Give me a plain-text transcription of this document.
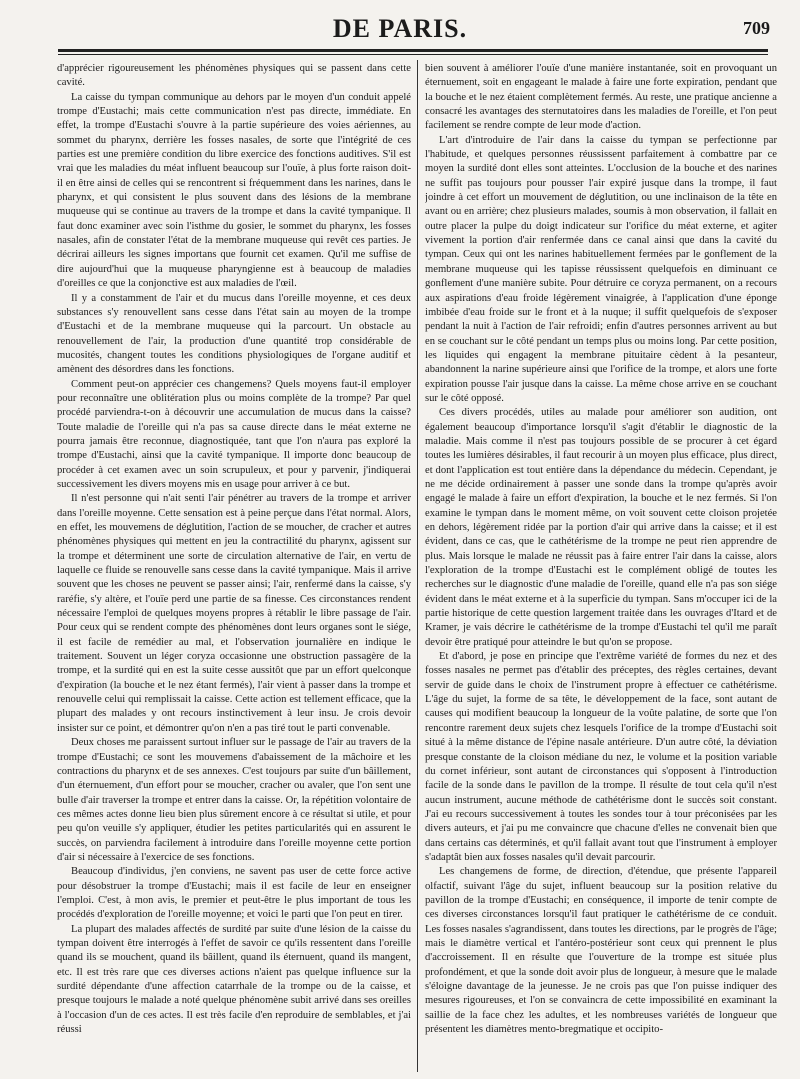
DE PARIS.	709

d'apprécier rigoureusement les phénomènes physiques qui se passent dans cette cavité.

La caisse du tympan communique au dehors par le moyen d'un conduit appelé trompe d'Eustachi; mais cette communication n'est pas directe, immédiate. En effet, la trompe d'Eustachi s'ouvre à la partie supérieure des voies aériennes, au sommet du pharynx, derrière les fosses nasales, de sorte que l'intégrité de ces parties est une première condition du libre exercice des fonctions auditives. S'il est vrai que les maladies du méat influent beaucoup sur l'ouïe, à plus forte raison doit-il en être ainsi de celles qui se rencontrent si fréquemment dans les narines, dans le pharynx, et qui consistent le plus souvent dans des lésions de la membrane muqueuse qui se continue au travers de la trompe et dans la cavité tympanique. Il faut donc examiner avec soin l'isthme du gosier, le sommet du pharynx, les fosses nasales, afin de constater l'état de la membrane muqueuse qui revêt ces parties. Je décrirai ailleurs les signes importans que fournit cet examen. Qu'il me suffise de dire aujourd'hui que la muqueuse pharyngienne est à beaucoup de maladies d'oreilles ce que la conjonctive est aux maladies de l'œil.

Il y a constamment de l'air et du mucus dans l'oreille moyenne, et ces deux substances s'y renouvellent sans cesse dans l'état sain au moyen de la trompe d'Eustachi et de la membrane muqueuse qui la parcourt. Un obstacle au renouvellement de l'air, la production d'une quantité trop considérable de mucosités, changent toutes les conditions physiologiques de l'organe auditif et amènent des désordres dans les fonctions.

Comment peut-on apprécier ces changemens? Quels moyens faut-il employer pour reconnaître une oblitération plus ou moins complète de la trompe? Par quel procédé parviendra-t-on à découvrir une accumulation de mucus dans la caisse? Toute maladie de l'oreille qui n'a pas sa cause directe dans le méat externe ne pourra jamais être reconnue, diagnostiquée, tant que l'on n'aura pas exploré la trompe d'Eustachi, ainsi que la cavité tympanique. Il importe donc beaucoup de procéder à cet examen avec un soin scrupuleux, et pour y parvenir, j'indiquerai successivement les divers moyens mis en usage pour arriver à ce but.

Il n'est personne qui n'ait senti l'air pénétrer au travers de la trompe et arriver dans l'oreille moyenne. Cette sensation est à peine perçue dans l'état normal. Alors, en effet, les mouvemens de déglutition, l'action de se moucher, de cracher et autres phénomènes physiques qui mettent en jeu la contractilité du pharynx, agissent sur la trompe et déterminent une sorte de circulation alternative de l'air, en vertu de laquelle ce fluide se renouvelle sans cesse dans la cavité tympanique. Mais il arrive souvent que les choses ne peuvent se passer ainsi; l'air, renfermé dans la caisse, s'y raréfie, s'y altère, et l'ouïe perd une partie de sa finesse. Ces circonstances rendent nécessaire l'emploi de quelques moyens propres à rétablir le libre passage de l'air. Pour ceux qui se rendent compte des phénomènes dont leurs organes sont le siége, il est facile de remédier au mal, et l'observation journalière en indique le traitement. Souvent un léger coryza occasionne une obstruction passagère de la trompe, et la surdité qui en est la suite cesse aussitôt que par un effort quelconque d'expiration (la bouche et le nez étant fermés), l'air vient à passer dans la trompe et renouvelle celui qui remplissait la caisse. Cette action est tellement efficace, que la plupart des malades y ont recours instinctivement à leur insu. Je crois devoir insister sur ce point, et démontrer qu'on n'en a pas tiré tout le parti convenable.

Deux choses me paraissent surtout influer sur le passage de l'air au travers de la trompe d'Eustachi; ce sont les mouvemens d'abaissement de la mâchoire et les contractions du pharynx et de ses annexes. C'est toujours par suite d'un bâillement, d'un éternuement, d'un effort pour se moucher, cracher ou avaler, que l'on sent une bulle d'air traverser la trompe et entrer dans la caisse. Or, la répétition volontaire de ces mêmes actes donne lieu bien plus sûrement encore à ce résultat si utile, et pour peu qu'on veuille s'y appliquer, étudier les petites particularités qui en assurent le succès, on parviendra facilement à introduire dans l'oreille moyenne cette portion d'air si nécessaire à l'exercice de ses fonctions.

Beaucoup d'individus, j'en conviens, ne savent pas user de cette force active pour désobstruer la trompe d'Eustachi; mais il est facile de leur en enseigner l'emploi. C'est, à mon avis, le premier et peut-être le plus important de tous les procédés d'exploration de l'oreille moyenne; et voici le parti que l'on peut en tirer.

La plupart des malades affectés de surdité par suite d'une lésion de la caisse du tympan doivent être interrogés à l'effet de savoir ce qu'ils ressentent dans l'oreille quand ils se mouchent, quand ils bâillent, quand ils éternuent, quand ils mangent, etc. Il est très rare que ces diverses actions n'aient pas quelque influence sur la surdité dépendante d'une affection catarrhale de la trompe ou de la caisse, et presque toujours le malade a noté quelque phénomène subit arrivé dans ses oreilles à l'occasion d'un de ces actes. Il est très facile d'en reproduire de semblables, et j'ai réussi

bien souvent à améliorer l'ouïe d'une manière instantanée, soit en provoquant un éternuement, soit en engageant le malade à faire une forte expiration, pendant que la bouche et le nez étaient complètement fermés. Au reste, une pratique ancienne a consacré les avantages des sternutatoires dans les maladies de l'oreille, et l'on peut facilement se rendre compte de leur mode d'action.

L'art d'introduire de l'air dans la caisse du tympan se perfectionne par l'habitude, et quelques personnes réussissent parfaitement à combattre par ce moyen la surdité dont elles sont atteintes. L'occlusion de la bouche et des narines ne suffit pas toujours pour pousser l'air expiré jusque dans la trompe, il faut joindre à cet effort un mouvement de déglutition, ou une inclinaison de la tête en avant ou en arrière; chez plusieurs malades, soumis à mon observation, il fallait en outre placer la pulpe du doigt indicateur sur l'orifice du méat externe, et agiter vivement la portion d'air renfermée dans ce canal ainsi que dans la cavité du tympan. Ceux qui ont les narines habituellement fermées par le gonflement de la membrane muqueuse qui les tapisse réussissent quelquefois en diminuant ce gonflement d'une manière subite. Pour détruire ce coryza permanent, on a recours aux aspirations d'eau froide légèrement vinaigrée, à l'application d'une éponge imbibée d'eau froide sur le front et à la nuque; il suffit quelquefois de s'exposer pendant la nuit à l'action de l'air refroidi; enfin d'autres personnes arrivent au but en se couchant sur le côté pendant un temps plus ou moins long. Par cette position, les liquides qui engagent la membrane pituitaire cèdent à la pesanteur, abandonnent la narine supérieure ainsi que l'orifice de la trompe, et alors une forte expiration pousse l'air jusque dans la caisse. La même chose arrive en se couchant sur le côté opposé.

Ces divers procédés, utiles au malade pour améliorer son audition, ont également beaucoup d'importance lorsqu'il s'agit d'établir le diagnostic de la maladie. Mais comme il n'est pas toujours possible de se procurer à cet égard toutes les lumières désirables, il faut recourir à un moyen plus efficace, plus direct, et dont l'application est tout entière dans la dépendance du médecin. Cependant, je ne me décide ordinairement à passer une sonde dans la trompe qu'après avoir engagé le malade à faire un effort d'expiration, la bouche et le nez fermés. Si l'on examine le tympan dans le moment même, on voit souvent cette cloison projetée en dehors, légèrement ridée par la portion d'air qui arrive dans la caisse; et il est évident, dans ce cas, que le cathétérisme de la trompe ne peut rien apprendre de plus. Mais lorsque le malade ne réussit pas à faire entrer l'air dans la caisse, alors l'exploration de la trompe d'Eustachi est le complément obligé de toutes les recherches sur le diagnostic d'une maladie de l'oreille, quand elle n'a pas son siége évident dans le méat externe et à la superficie du tympan. Sans m'occuper ici de la partie historique de cette question largement traitée dans les ouvrages d'Itard et de Kramer, je vais décrire le cathétérisme de la trompe d'Eustachi tel qu'il me paraît devoir être pratiqué pour atteindre le but qu'on se propose.

Et d'abord, je pose en principe que l'extrême variété de formes du nez et des fosses nasales ne permet pas d'établir des préceptes, des règles certaines, devant servir de guide dans le choix de l'instrument propre à effectuer ce cathétérisme. L'âge du sujet, la forme de sa tête, le développement de la face, sont autant de causes qui modifient beaucoup la longueur de la voûte palatine, de sorte que l'on rencontre rarement deux sujets chez lesquels l'orifice de la trompe d'Eustachi soit situé à la même distance de l'épine nasale antérieure. D'un autre côté, la déviation presque constante de la cloison médiane du nez, le volume et la position variable du cornet inférieur, sont autant de circonstances qui s'opposent à l'introduction facile de la sonde dans le pavillon de la trompe. Il résulte de tout cela qu'il n'est aucun instrument, aucune méthode de cathétérisme dont le succès soit constant. J'ai eu recours successivement à toutes les sondes tour à tour préconisées par les divers auteurs, et j'ai pu me convaincre que chacune d'elles ne convenait bien que dans certains cas déterminés, et qu'il fallait avant tout que l'instrument à employer s'adaptât bien aux fosses nasales qu'il devait parcourir.

Les changemens de forme, de direction, d'étendue, que présente l'appareil olfactif, suivant l'âge du sujet, influent beaucoup sur la position relative du pavillon de la trompe d'Eustachi; en conséquence, il importe de tenir compte de ces diverses circonstances lorsqu'il faut pratiquer le cathétérisme de ce conduit. Les fosses nasales s'agrandissent, dans toutes les directions, par le progrès de l'âge; mais le diamètre vertical et l'antéro-postérieur sont ceux qui prennent le plus d'accroissement. Il en résulte que l'ouverture de la trompe est située plus profondément, et que la sonde doit avoir plus de longueur, à mesure que le malade s'éloigne davantage de la jeunesse. Je ne crois pas que l'on puisse indiquer des mesures rigoureuses, et l'on se convaincra de cette impossibilité en examinant la saillie de la face chez les adultes, et les nombreuses variétés de longueur que présentent les diamètres mento-bregmatique et occipito-
